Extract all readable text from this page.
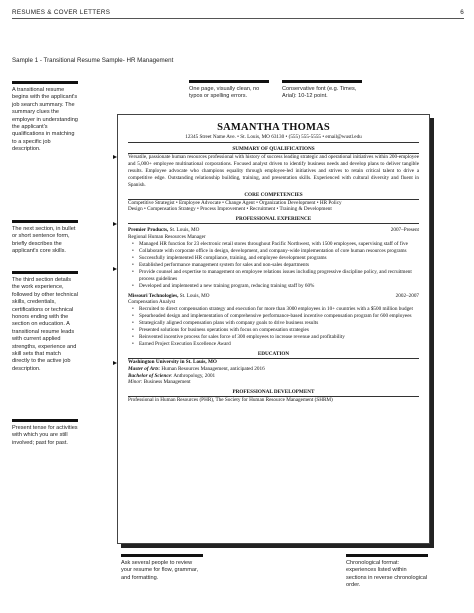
RESUMES & COVER LETTERS	6
Sample 1 - Transitional Resume Sample- HR Management
One page, visually clean, no typos or spelling errors.
Conservative font (e.g. Times, Arial): 10-12 point.
A transitional resume begins with the applicant's job search summary. The summary clues the employer in understanding the applicant's qualifications in matching to a specific job description.
The next section, in bullet or short sentence form, briefly describes the applicant's core skills.
The third section details the work experience, followed by other technical skills, credentials, certifications or technical honors ending with the section on education. A transitional resume leads with current applied strengths, experience and skill sets that match directly to the active job description.
Present tense for activities with which you are still involved; past for past.
Ask several people to review your resume for flow, grammar, and formatting.
Chronological format: experiences listed within sections in reverse chronological order.
SAMANTHA THOMAS
12345 Street Name Ave. • St. Louis, MO 63130 • (555) 555-5555 • email@wustl.edu
SUMMARY OF QUALIFICATIONS
Versatile, passionate human resources professional with history of success leading strategic and operational initiatives within 200-employee and 5,000+ employee multinational corporations. Focused analyst driven to identify business needs and develop plans to deliver tangible results. Employee advocate who champions equality through employee-led initiatives and strives to retain critical talent to drive a competitive edge. Outstanding relationship building, training, and presentation skills. Experienced with cultural diversity and fluent in Spanish.
CORE COMPETENCIES
Competitive Strategist • Employee Advocate • Change Agent • Organization Development • HR Policy
Design • Compensation Strategy • Process Improvement • Recruitment • Training & Development
PROFESSIONAL EXPERIENCE
Premier Products, St. Louis, MO	2007–Present
Regional Human Resources Manager
• Managed HR function for 23 electronic retail stores throughout Pacific Northwest, with 1500 employees, supervising staff of five
• Collaborate with corporate office in design, development, and company-wide implementation of core human resources programs
• Successfully implemented HR compliance, training, and employee development programs
• Established performance management system for sales and non-sales departments
• Provide counsel and expertise to management on employee relations issues including progressive discipline policy, and recruitment process guidelines
• Developed and implemented a new training program, reducing training staff by 60%
Missouri Technologies, St. Louis, MO	2002–2007
Compensation Analyst
• Recruited to direct compensation strategy and execution for more than 3000 employees in 10+ countries with a $500 million budget
• Spearheaded design and implementation of comprehensive performance-based incentive compensation program for 600 employees
• Strategically aligned compensation plans with company goals to drive business results
• Presented solutions for business operations with focus on compensation strategies
• Reinvented incentive process for sales force of 300 employees to increase revenue and profitability
• Earned Project Execution Excellence Award
EDUCATION
Washington University in St. Louis, MO
Master of Arts: Human Resources Management, anticipated 2016
Bachelor of Science: Anthropology, 2001
Minor: Business Management
PROFESSIONAL DEVELOPMENT
Professional in Human Resources (PHR), The Society for Human Resource Management (SHRM)
